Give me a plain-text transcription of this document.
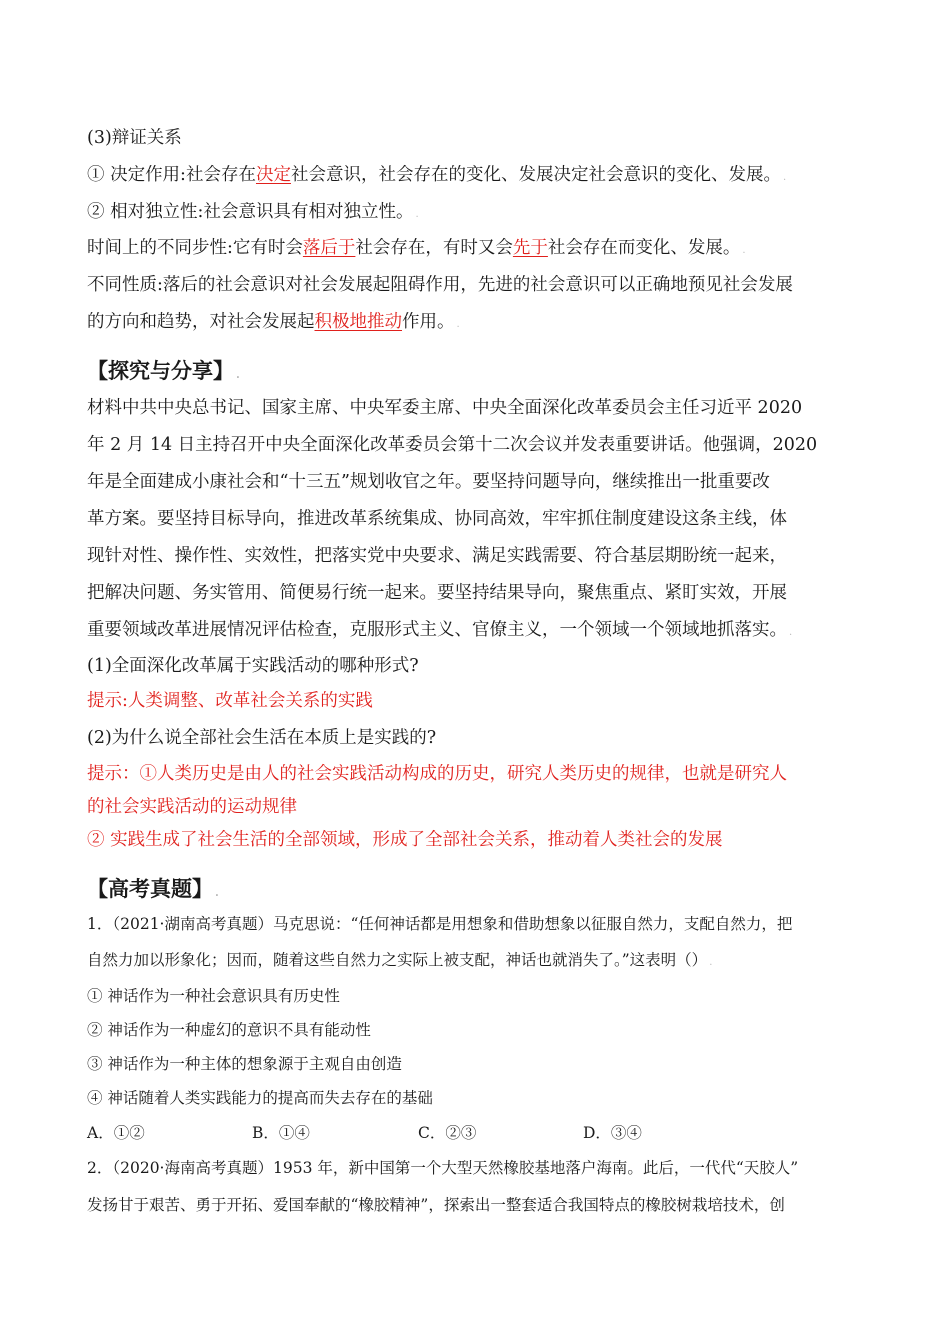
(3)辩证关系
① 决定作用:社会存在决定社会意识，社会存在的变化、发展决定社会意识的变化、发展。 .
② 相对独立性:社会意识具有相对独立性。 .
时间上的不同步性:它有时会落后于社会存在，有时又会先于社会存在而变化、发展。 .
不同性质:落后的社会意识对社会发展起阻碍作用，先进的社会意识可以正确地预见社会发展
的方向和趋势，对社会发展起积极地推动作用。 .
【探究与分享】 .
材料中共中央总书记、国家主席、中央军委主席、中央全面深化改革委员会主任习近平 2020
年 2 月 14 日主持召开中央全面深化改革委员会第十二次会议并发表重要讲话。他强调，2020
年是全面建成小康社会和“十三五”规划收官之年。要坚持问题导向，继续推出一批重要改
革方案。要坚持目标导向，推进改革系统集成、协同高效，牢牢抓住制度建设这条主线，体
现针对性、操作性、实效性，把落实党中央要求、满足实践需要、符合基层期盼统一起来，
把解决问题、务实管用、简便易行统一起来。要坚持结果导向，聚焦重点、紧盯实效，开展
重要领域改革进展情况评估检查，克服形式主义、官僚主义，一个领域一个领域地抓落实。 .
(1)全面深化改革属于实践活动的哪种形式?
提示:人类调整、改革社会关系的实践
(2)为什么说全部社会生活在本质上是实践的?
提示：①人类历史是由人的社会实践活动构成的历史，研究人类历史的规律，也就是研究人
的社会实践活动的运动规律
② 实践生成了社会生活的全部领域，形成了全部社会关系，推动着人类社会的发展
【高考真题】 .
1．（2021·湖南高考真题）马克思说：“任何神话都是用想象和借助想象以征服自然力，支配自然力，把
自然力加以形象化；因而，随着这些自然力之实际上被支配，神话也就消失了。”这表明（） .
① 神话作为一种社会意识具有历史性
② 神话作为一种虚幻的意识不具有能动性
③ 神话作为一种主体的想象源于主观自由创造
④ 神话随着人类实践能力的提高而失去存在的基础
A．①②	B．①④	C．②③	D．③④
2．（2020·海南高考真题）1953 年，新中国第一个大型天然橡胶基地落户海南。此后，一代代“天胶人”
发扬甘于艰苦、勇于开拓、爱国奉献的“橡胶精神”，探索出一整套适合我国特点的橡胶树栽培技术，创
